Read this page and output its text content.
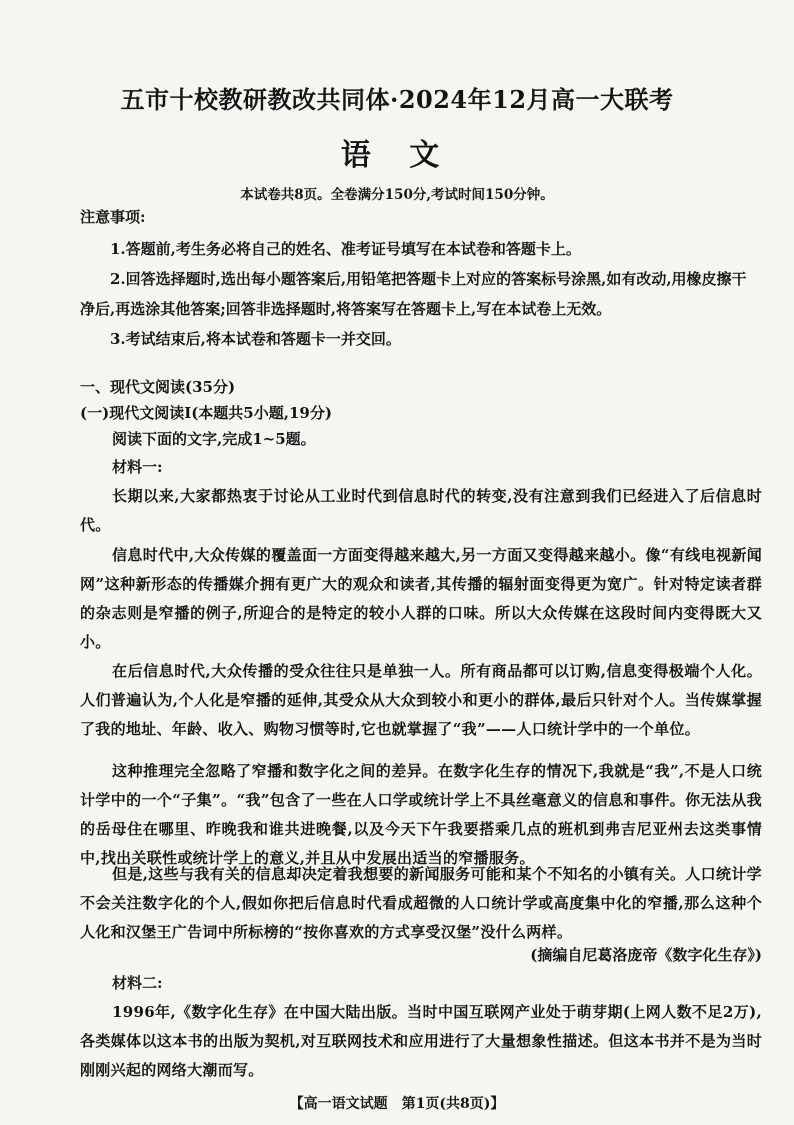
五市十校教研教改共同体·2024年12月高一大联考
语 文
本试卷共8页。全卷满分150分,考试时间150分钟。
注意事项:
1.答题前,考生务必将自己的姓名、准考证号填写在本试卷和答题卡上。
2.回答选择题时,选出每小题答案后,用铅笔把答题卡上对应的答案标号涂黑,如有改动,用橡皮擦干净后,再选涂其他答案;回答非选择题时,将答案写在答题卡上,写在本试卷上无效。
3.考试结束后,将本试卷和答题卡一并交回。
一、现代文阅读(35分)
(一)现代文阅读Ⅰ(本题共5小题,19分)
阅读下面的文字,完成1~5题。
材料一:
长期以来,大家都热衷于讨论从工业时代到信息时代的转变,没有注意到我们已经进入了后信息时代。
信息时代中,大众传媒的覆盖面一方面变得越来越大,另一方面又变得越来越小。像“有线电视新闻网”这种新形态的传播媒介拥有更广大的观众和读者,其传播的辐射面变得更为宽广。针对特定读者群的杂志则是窄播的例子,所迎合的是特定的较小人群的口味。所以大众传媒在这段时间内变得既大又小。
在后信息时代,大众传播的受众往往只是单独一人。所有商品都可以订购,信息变得极端个人化。人们普遍认为,个人化是窄播的延伸,其受众从大众到较小和更小的群体,最后只针对个人。当传媒掌握了我的地址、年龄、收入、购物习惯等时,它也就掌握了“我”——人口统计学中的一个单位。
这种推理完全忽略了窄播和数字化之间的差异。在数字化生存的情况下,我就是“我”,不是人口统计学中的一个“子集”。“我”包含了一些在人口学或统计学上不具丝毫意义的信息和事件。你无法从我的岳母住在哪里、昨晚我和谁共进晚餐,以及今天下午我要搭乘几点的班机到弗吉尼亚州去这类事情中,找出关联性或统计学上的意义,并且从中发展出适当的窄播服务。
但是,这些与我有关的信息却决定着我想要的新闻服务可能和某个不知名的小镇有关。人口统计学不会关注数字化的个人,假如你把后信息时代看成超微的人口统计学或高度集中化的窄播,那么这种个人化和汉堡王广告词中所标榜的“按你喜欢的方式享受汉堡”没什么两样。
(摘编自尼葛洛庞帝《数字化生存》)
材料二:
1996年,《数字化生存》在中国大陆出版。当时中国互联网产业处于萌芽期(上网人数不足2万),各类媒体以这本书的出版为契机,对互联网技术和应用进行了大量想象性描述。但这本书并不是为当时刚刚兴起的网络大潮而写。
【高一语文试题　第1页(共8页)】
